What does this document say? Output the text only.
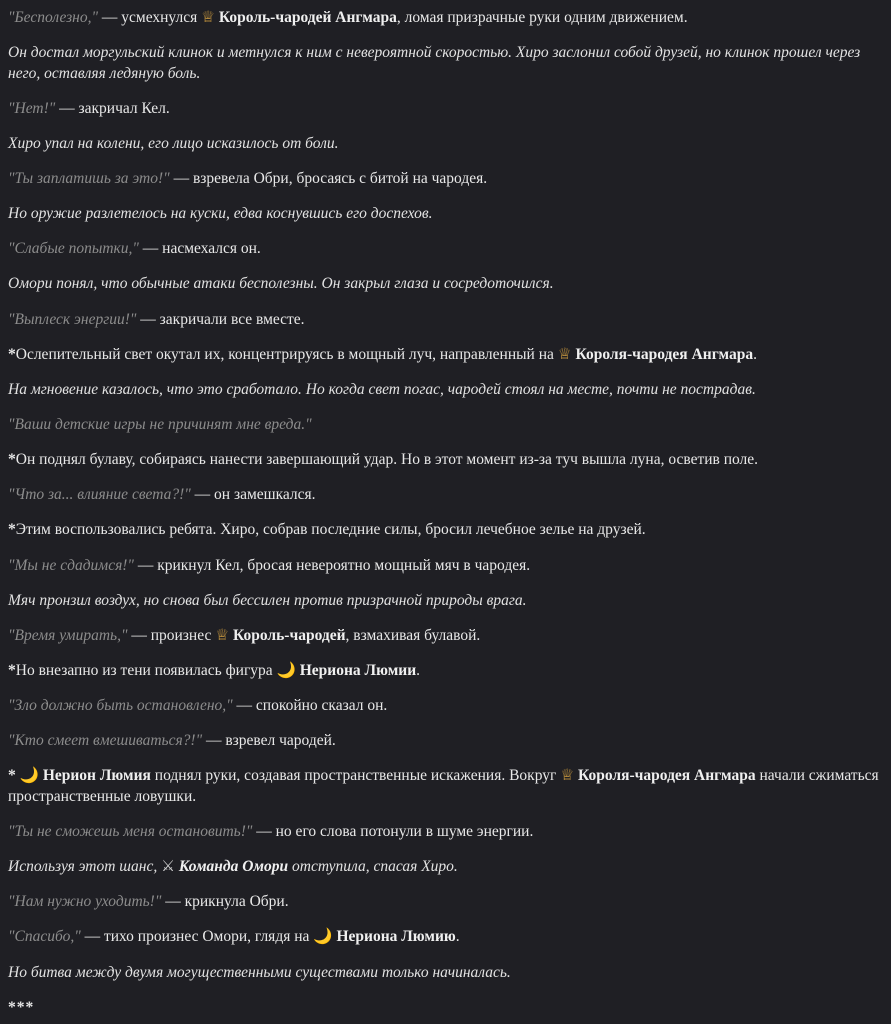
"Бесполезно," — усмехнулся ♕ Король-чародей Ангмара, ломая призрачные руки одним движением.

Он достал моргульский клинок и метнулся к ним с невероятной скоростью. Хиро заслонил собой друзей, но клинок прошел через него, оставляя ледяную боль.

"Нет!" — закричал Кел.

Хиро упал на колени, его лицо исказилось от боли.

"Ты заплатишь за это!" — взревела Обри, бросаясь с битой на чародея.

Но оружие разлетелось на куски, едва коснувшись его доспехов.

"Слабые попытки," — насмехался он.

Омори понял, что обычные атаки бесполезны. Он закрыл глаза и сосредоточился.

"Выплеск энергии!" — закричали все вместе.

*Ослепительный свет окутал их, концентрируясь в мощный луч, направленный на ♕ Короля-чародея Ангмара.

На мгновение казалось, что это сработало. Но когда свет погас, чародей стоял на месте, почти не пострадав.

"Ваши детские игры не причинят мне вреда."

*Он поднял булаву, собираясь нанести завершающий удар. Но в этот момент из-за туч вышла луна, осветив поле.

"Что за... влияние света?!" — он замешкался.

*Этим воспользовались ребята. Хиро, собрав последние силы, бросил лечебное зелье на друзей.

"Мы не сдадимся!" — крикнул Кел, бросая невероятно мощный мяч в чародея.

Мяч пронзил воздух, но снова был бессилен против призрачной природы врага.

"Время умирать," — произнес ♕ Король-чародей, взмахивая булавой.

*Но внезапно из тени появилась фигура 🌙 Нериона Люмии.

"Зло должно быть остановлено," — спокойно сказал он.

"Кто смеет вмешиваться?!" — взревел чародей.

* 🌙 Нерион Люмия поднял руки, создавая пространственные искажения. Вокруг ♕ Короля-чародея Ангмара начали сжиматься пространственные ловушки.

"Ты не сможешь меня остановить!" — но его слова потонули в шуме энергии.

Используя этот шанс, ⚔ Команда Омори отступила, спасая Хиро.

"Нам нужно уходить!" — крикнула Обри.

"Спасибо," — тихо произнес Омори, глядя на 🌙 Нериона Люмию.

Но битва между двумя могущественными существами только начиналась.

***
